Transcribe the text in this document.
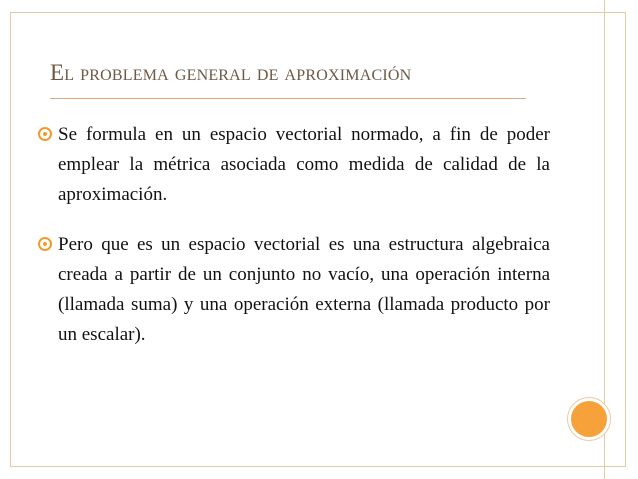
El problema general de aproximación
Se formula en un espacio vectorial normado, a fin de poder emplear la métrica asociada como medida de calidad de la aproximación.
Pero que es un espacio vectorial es una estructura algebraica creada a partir de un conjunto no vacío, una operación interna (llamada suma) y una operación externa (llamada producto por un escalar).
